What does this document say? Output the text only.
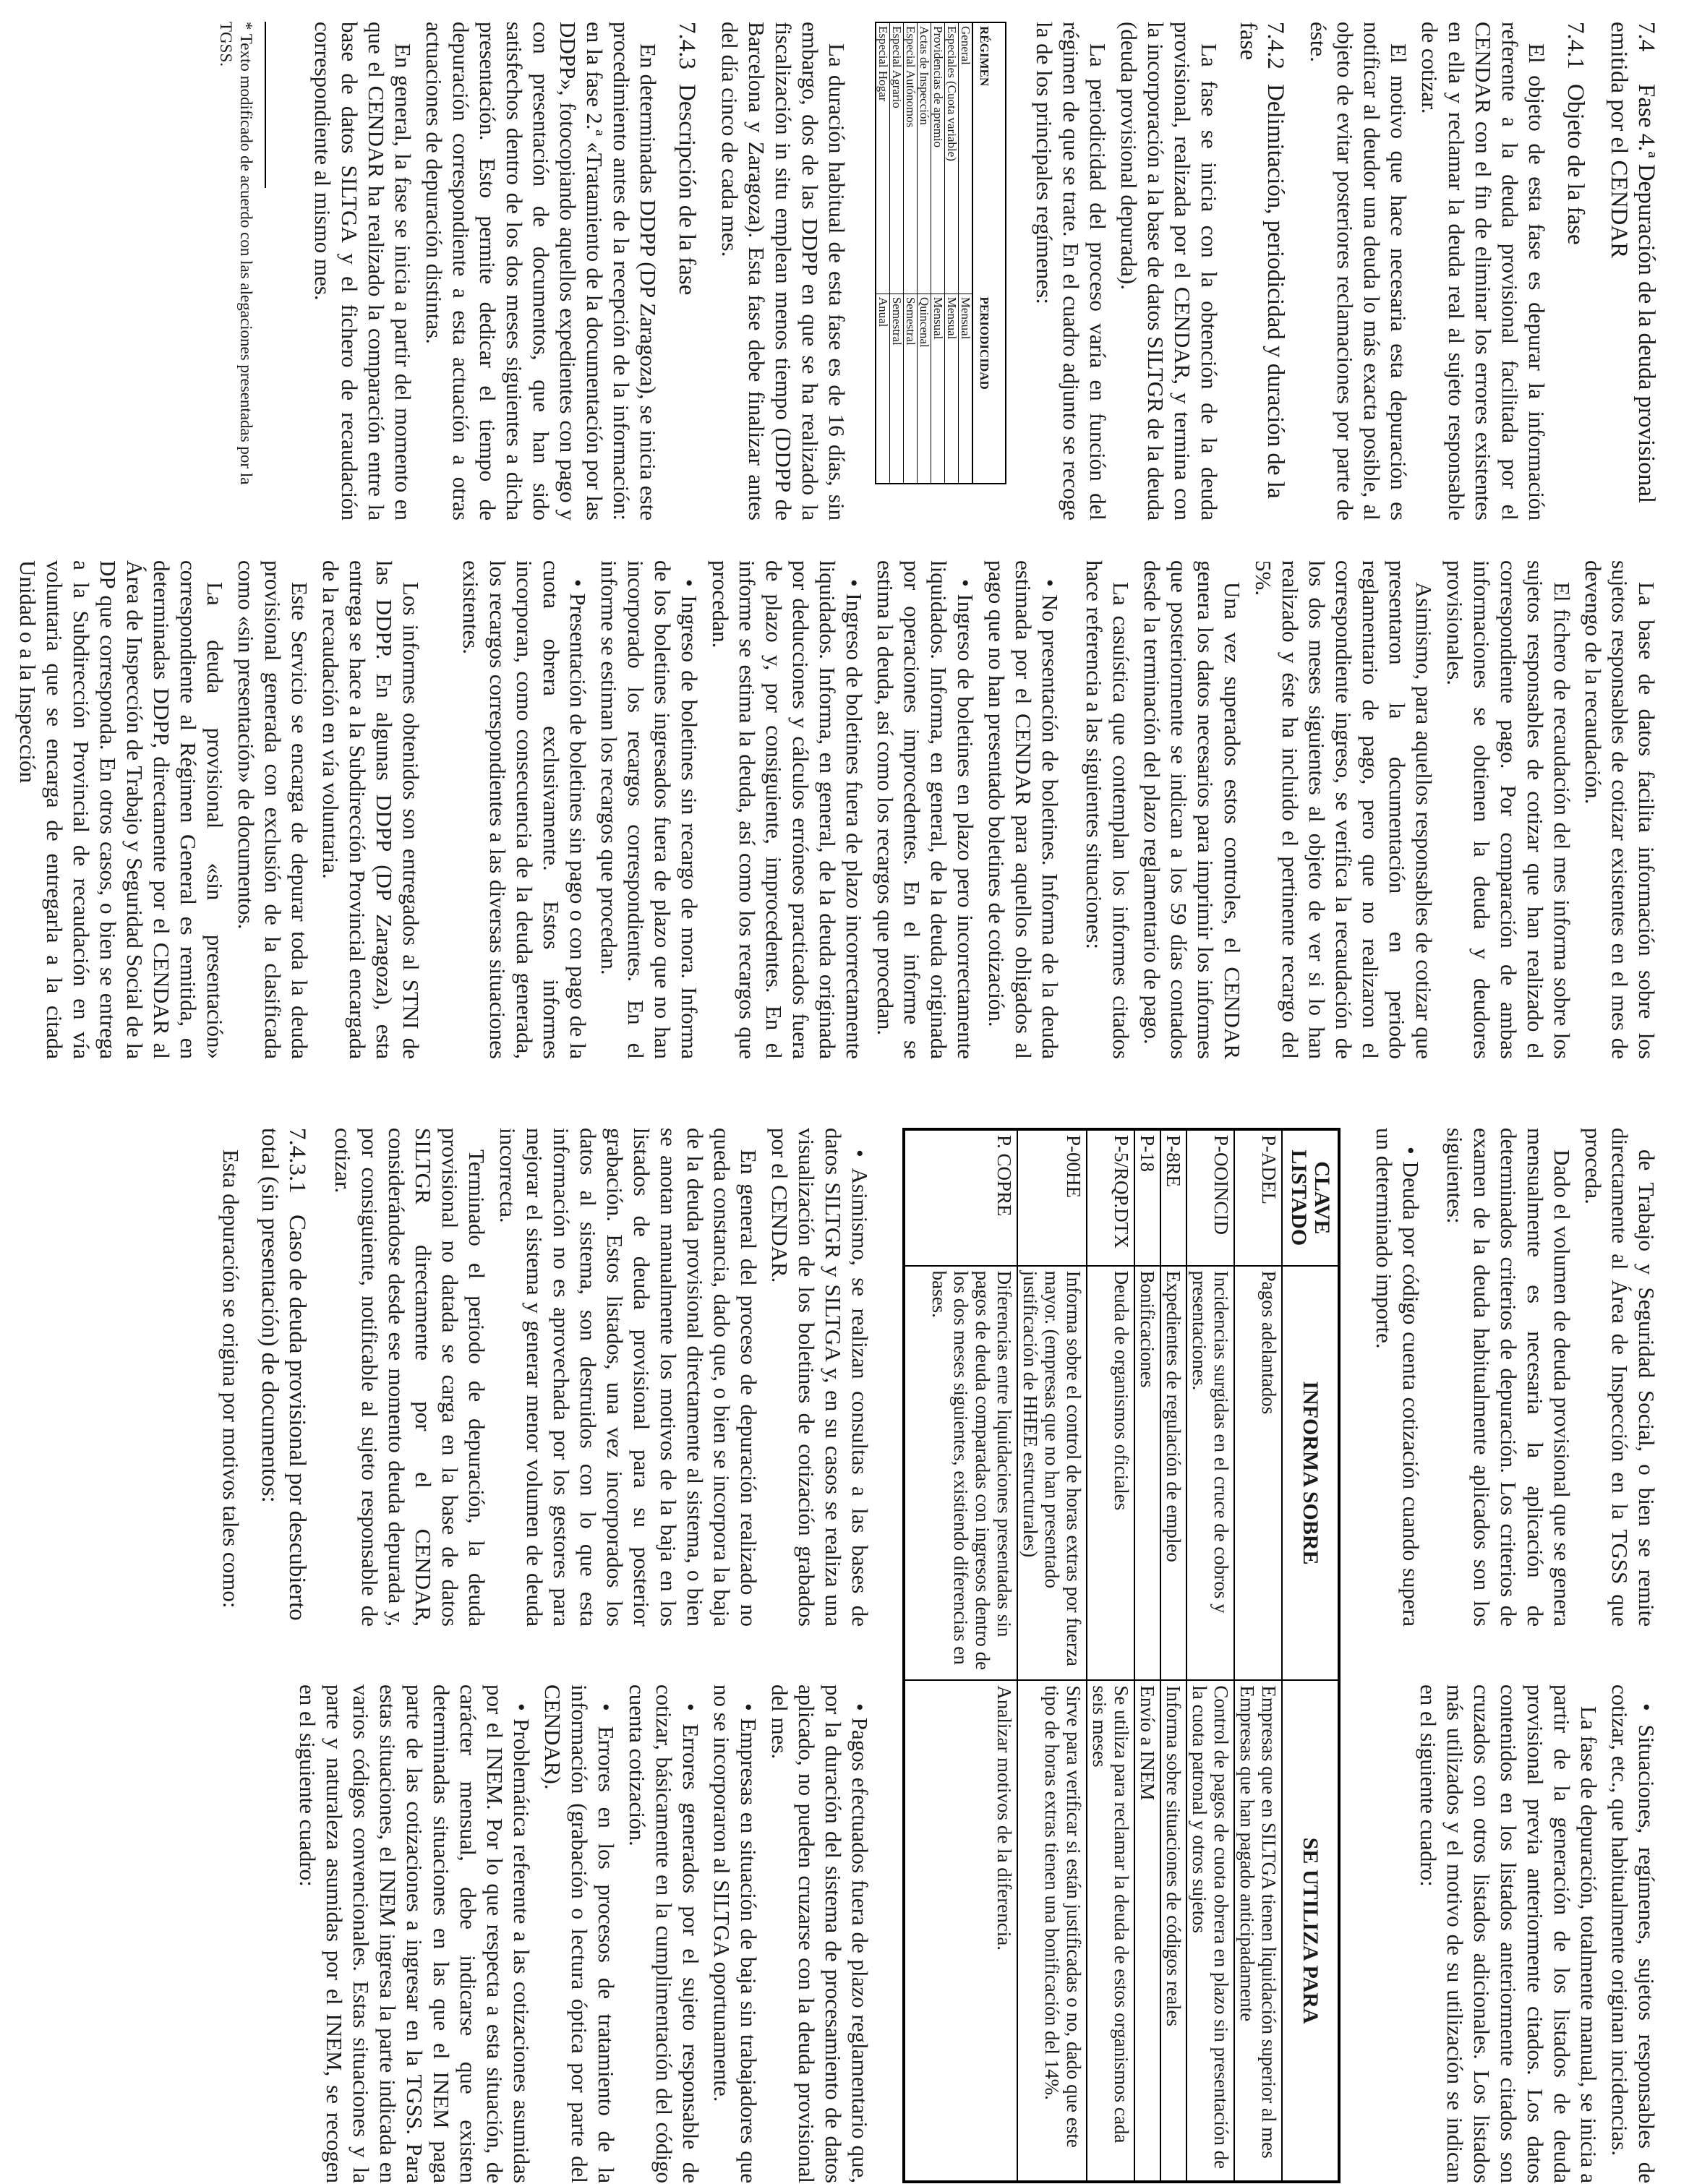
7.4Fase 4.ª Depuración de la deuda provisional emitida por el CENDAR
7.4.1Objeto de la fase

El objeto de esta fase es depurar la información referente a la deuda provisional facilitada por el CENDAR con el fin de eliminar los errores existentes en ella y reclamar la deuda real al sujeto responsable de cotizar.

El motivo que hace necesaria esta depuración es notificar al deudor una deuda lo más exacta posible, al objeto de evitar posteriores reclamaciones por parte de éste.

7.4.2Delimitación, periodicidad y duración de la fase

La fase se inicia con la obtención de la deuda provisional, realizada por el CENDAR, y termina con la incorporación a la base de datos SILTGR de la deuda (deuda provisional depurada).

La periodicidad del proceso varía en función del régimen de que se trate. En el cuadro adjunto se recoge la de los principales regímenes:

RÉGIMEN	PERIODICIDAD
General	Mensual
Especiales (Cuota variable)	Mensual
Providencias de apremio	Mensual
Actas de Inspección	Quincenal
Especial Autónomos	Semestral
Especial Agrario	Semestral
Especial Hogar	Anual

La duración habitual de esta fase es de 16 días, sin embargo, dos de las DDPP en que se ha realizado la fiscalización in situ emplean menos tiempo (DDPP de Barcelona y Zaragoza). Esta fase debe finalizar antes del día cinco de cada mes.

7.4.3Descripción de la fase

En determinadas DDPP (DP Zaragoza), se inicia este procedimiento antes de la recepción de la información: en la fase 2.ª «Tratamiento de la documentación por las DDPP», fotocopiando aquellos expedientes con pago y con presentación de documentos, que han sido satisfechos dentro de los dos meses siguientes a dicha presentación. Esto permite dedicar el tiempo de depuración correspondiente a esta actuación a otras actuaciones de depuración distintas.

En general, la fase se inicia a partir del momento en que el CENDAR ha realizado la comparación entre la base de datos SILTGA y el fichero de recaudación correspondiente al mismo mes.

* Texto modificado de acuerdo con las alegaciones presentadas por la TGSS.

La base de datos facilita información sobre los sujetos responsables de cotizar existentes en el mes de devengo de la recaudación.

El fichero de recaudación del mes informa sobre los sujetos responsables de cotizar que han realizado el correspondiente pago. Por comparación de ambas informaciones se obtienen la deuda y deudores provisionales.

Asimismo, para aquellos responsables de cotizar que presentaron la documentación en periodo reglamentario de pago, pero que no realizaron el correspondiente ingreso, se verifica la recaudación de los dos meses siguientes al objeto de ver si lo han realizado y éste ha incluido el pertinente recargo del 5%.

Una vez superados estos controles, el CENDAR genera los datos necesarios para imprimir los informes que posteriormente se indican a los 59 días contados desde la terminación del plazo reglamentario de pago.

La casuística que contemplan los informes citados hace referencia a las siguientes situaciones:

• No presentación de boletines. Informa de la deuda estimada por el CENDAR para aquellos obligados al pago que no han presentado boletines de cotización.

• Ingreso de boletines en plazo pero incorrectamente liquidados. Informa, en general, de la deuda originada por operaciones improcedentes. En el informe se estima la deuda, así como los recargos que procedan.

• Ingreso de boletines fuera de plazo incorrectamente liquidados. Informa, en general, de la deuda originada por deducciones y cálculos erróneos practicados fuera de plazo y, por consiguiente, improcedentes. En el informe se estima la deuda, así como los recargos que procedan.

• Ingreso de boletines sin recargo de mora. Informa de los boletines ingresados fuera de plazo que no han incorporado los recargos correspondientes. En el informe se estiman los recargos que procedan.

• Presentación de boletines sin pago o con pago de la cuota obrera exclusivamente. Estos informes incorporan, como consecuencia de la deuda generada, los recargos correspondientes a las diversas situaciones existentes.

Los informes obtenidos son entregados al STNI de las DDPP. En algunas DDPP (DP Zaragoza), esta entrega se hace a la Subdirección Provincial encargada de la recaudación en vía voluntaria.

Este Servicio se encarga de depurar toda la deuda provisional generada con exclusión de la clasificada como «sin presentación» de documentos.

La deuda provisional «sin presentación» correspondiente al Régimen General es remitida, en determinadas DDPP, directamente por el CENDAR al Área de Inspección de Trabajo y Seguridad Social de la DP que corresponda. En otros casos, o bien se entrega a la Subdirección Provincial de recaudación en vía voluntaria que se encarga de entregarla a la citada Unidad o a la Inspección

de Trabajo y Seguridad Social, o bien se remite directamente al Área de Inspección en la TGSS que proceda.

Dado el volumen de deuda provisional que se genera mensualmente es necesaria la aplicación de determinados criterios de depuración. Los criterios de examen de la deuda habitualmente aplicados son los siguientes:

• Deuda por código cuenta cotización cuando supera un determinado importe.

• Situaciones, regímenes, sujetos responsables de cotizar, etc., que habitualmente originan incidencias.

La fase de depuración, totalmente manual, se inicia a partir de la generación de los listados de deuda provisional previa anteriormente citados. Los datos contenidos en los listados anteriormente citados son cruzados con otros listados adicionales. Los listados más utilizados y el motivo de su utilización se indican en el siguiente cuadro:

CLAVE LISTADO	INFORMA SOBRE	SE UTILIZA PARA
P-ADEL	Pagos adelantados	Empresas que en SILTGA tienen liquidación superior al mes
Empresas que han pagado anticipadamente
P-OOINCID	Incidencias surgidas en el cruce de cobros y presentaciones.	Control de pagos de cuota obrera en plazo sin presentación de la cuota patronal y otros sujetos
P-8RE	Expedientes de regulación de empleo	Informa sobre situaciones de códigos reales
P-18	Bonificaciones	Envío a INEM
P-5/RQP.DTX	Deuda de organismos oficiales	Se utiliza para reclamar la deuda de estos organismos cada seis meses
P-00HE	Informa sobre el control de horas extras por fuerza mayor. (empresas que no han presentado justificación de HHEE estructurales)	Sirve para verificar si están justificadas o no, dado que este tipo de horas extras tienen una bonificación del 14%.
P. COPRE	Diferencias entre liquidaciones presentadas sin pagos de deuda comparadas con ingresos dentro de los dos meses siguientes, existiendo diferencias en bases.	Analizar motivos de la diferencia.

• Asimismo, se realizan consultas a las bases de datos SILTGR y SILTGA y, en su casos se realiza una visualización de los boletines de cotización grabados por el CENDAR.

En general del proceso de depuración realizado no queda constancia, dado que, o bien se incorpora la baja de la deuda provisional directamente al sistema, o bien se anotan manualmente los motivos de la baja en los listados de deuda provisional para su posterior grabación. Estos listados, una vez incorporados los datos al sistema, son destruidos con lo que esta información no es aprovechada por los gestores para mejorar el sistema y generar menor volumen de deuda incorrecta.

Terminado el periodo de depuración, la deuda provisional no datada se carga en la base de datos SILTGR directamente por el CENDAR, considerándose desde ese momento deuda depurada y, por consiguiente, notificable al sujeto responsable de cotizar.

7.4.3.1Caso de deuda provisional por descubierto total (sin presentación) de documentos:

Esta depuración se origina por motivos tales como:

• Pagos efectuados fuera de plazo reglamentario que, por la duración del sistema de procesamiento de datos aplicado, no pueden cruzarse con la deuda provisional del mes.

• Empresas en situación de baja sin trabajadores que no se incorporaron al SILTGA oportunamente.

• Errores generados por el sujeto responsable de cotizar, básicamente en la cumplimentación del código cuenta cotización.

• Errores en los procesos de tratamiento de la información (grabación o lectura óptica por parte del CENDAR).

• Problemática referente a las cotizaciones asumidas por el INEM. Por lo que respecta a esta situación, de carácter mensual, debe indicarse que existen determinadas situaciones en las que el INEM paga parte de las cotizaciones a ingresar en la TGSS. Para estas situaciones, el INEM ingresa la parte indicada en varios códigos convencionales. Estas situaciones y la parte y naturaleza asumidas por el INEM, se recogen en el siguiente cuadro:
